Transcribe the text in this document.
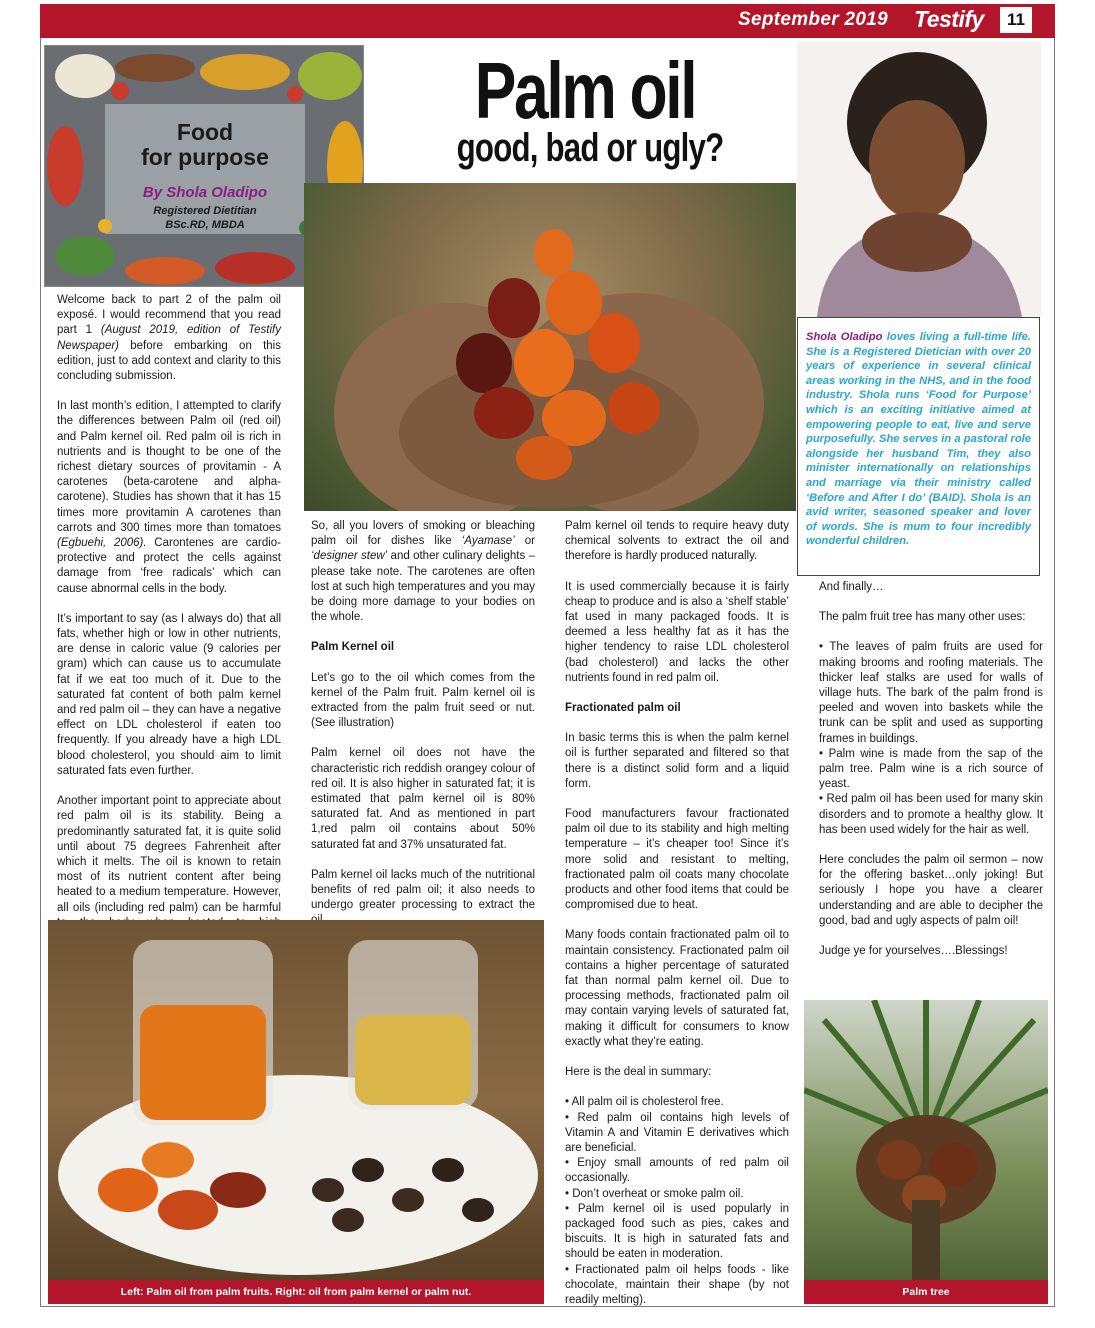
September 2019 Testify	11
Food
for purpose
By Shola Oladipo
Registered Dietitian
BSc.RD, MBDA
Palm oil
good, bad or ugly?
Shola Oladipo loves living a full-time life. She is a Registered Dietician with over 20 years of experience in several clinical areas working in the NHS, and in the food industry. Shola runs ‘Food for Purpose’ which is an exciting initiative aimed at empowering people to eat, live and serve purposefully. She serves in a pastoral role alongside her husband Tim, they also minister internationally on relationships and marriage via their ministry called ‘Before and After I do’ (BAID). Shola is an avid writer, seasoned speaker and lover of words. She is mum to four incredibly wonderful children.

Welcome back to part 2 of the palm oil exposé. I would recommend that you read part 1 (August 2019, edition of Testify Newspaper) before embarking on this edition, just to add context and clarity to this concluding submission.

In last month’s edition, I attempted to clarify the differences between Palm oil (red oil) and Palm kernel oil. Red palm oil is rich in nutrients and is thought to be one of the richest dietary sources of provitamin - A carotenes (beta-carotene and alpha-carotene). Studies has shown that it has 15 times more provitamin A carotenes than carrots and 300 times more than tomatoes (Egbuehi, 2006). Carontenes are cardio-protective and protect the cells against damage from ‘free radicals’ which can cause abnormal cells in the body.

It’s important to say (as I always do) that all fats, whether high or low in other nutrients, are dense in caloric value (9 calories per gram) which can cause us to accumulate fat if we eat too much of it. Due to the saturated fat content of both palm kernel and red palm oil – they can have a negative effect on LDL cholesterol if eaten too frequently. If you already have a high LDL blood cholesterol, you should aim to limit saturated fats even further.

Another important point to appreciate about red palm oil is its stability. Being a predominantly saturated fat, it is quite solid until about 75 degrees Fahrenheit after which it melts. The oil is known to retain most of its nutrient content after being heated to a medium temperature. However, all oils (including red palm) can be harmful

So, all you lovers of smoking or bleaching palm oil for dishes like ‘Ayamase’ or ‘designer stew’ and other culinary delights – please take note. The carotenes are often lost at such high temperatures and you may be doing more damage to your bodies on the whole.

Palm Kernel oil

Let’s go to the oil which comes from the kernel of the Palm fruit. Palm kernel oil is extracted from the palm fruit seed or nut. (See illustration)

Palm kernel oil does not have the characteristic rich reddish orangey colour of red oil. It is also higher in saturated fat; it is estimated that palm kernel oil is 80% saturated fat. And as mentioned in part 1,red palm oil contains about 50% saturated fat and 37% unsaturated fat.

Palm kernel oil lacks much of the nutritional benefits of red palm oil; it also needs to undergo greater processing to extract the

Palm kernel oil tends to require heavy duty chemical solvents to extract the oil and therefore is hardly produced naturally.

It is used commercially because it is fairly cheap to produce and is also a ‘shelf stable’ fat used in many packaged foods. It is deemed a less healthy fat as it has the higher tendency to raise LDL cholesterol (bad cholesterol) and lacks the other nutrients found in red palm oil.

Fractionated palm oil

In basic terms this is when the palm kernel oil is further separated and filtered so that there is a distinct solid form and a liquid form.

Food manufacturers favour fractionated palm oil due to its stability and high melting temperature – it’s cheaper too! Since it’s more solid and resistant to melting, fractionated palm oil coats many chocolate products and other food items that could be compromised due to heat.

Many foods contain fractionated palm oil to maintain consistency. Fractionated palm oil contains a higher percentage of saturated fat than normal palm kernel oil. Due to processing methods, fractionated palm oil may contain varying levels of saturated fat, making it difficult for consumers to know exactly what they’re eating.

Here is the deal in summary:

• All palm oil is cholesterol free.
• Red palm oil contains high levels of Vitamin A and Vitamin E derivatives which are beneficial.
• Enjoy small amounts of red palm oil occasionally.
• Don’t overheat or smoke palm oil.
• Palm kernel oil is used popularly in packaged food such as pies, cakes and biscuits. It is high in saturated fats and should be eaten in moderation.
• Fractionated palm oil helps foods - like chocolate, maintain their shape (by not readily melting).

And finally…

The palm fruit tree has many other uses:

• The leaves of palm fruits are used for making brooms and roofing materials. The thicker leaf stalks are used for walls of village huts. The bark of the palm frond is peeled and woven into baskets while the trunk can be split and used as supporting frames in buildings.
• Palm wine is made from the sap of the palm tree. Palm wine is a rich source of yeast.
• Red palm oil has been used for many skin disorders and to promote a healthy glow. It has been used widely for the hair as well.

Here concludes the palm oil sermon – now for the offering basket…only joking! But seriously I hope you have a clearer understanding and are able to decipher the good, bad and ugly aspects of palm oil!

Judge ye for yourselves….Blessings!

Left: Palm oil from palm fruits. Right: oil from palm kernel or palm nut.	Palm tree
